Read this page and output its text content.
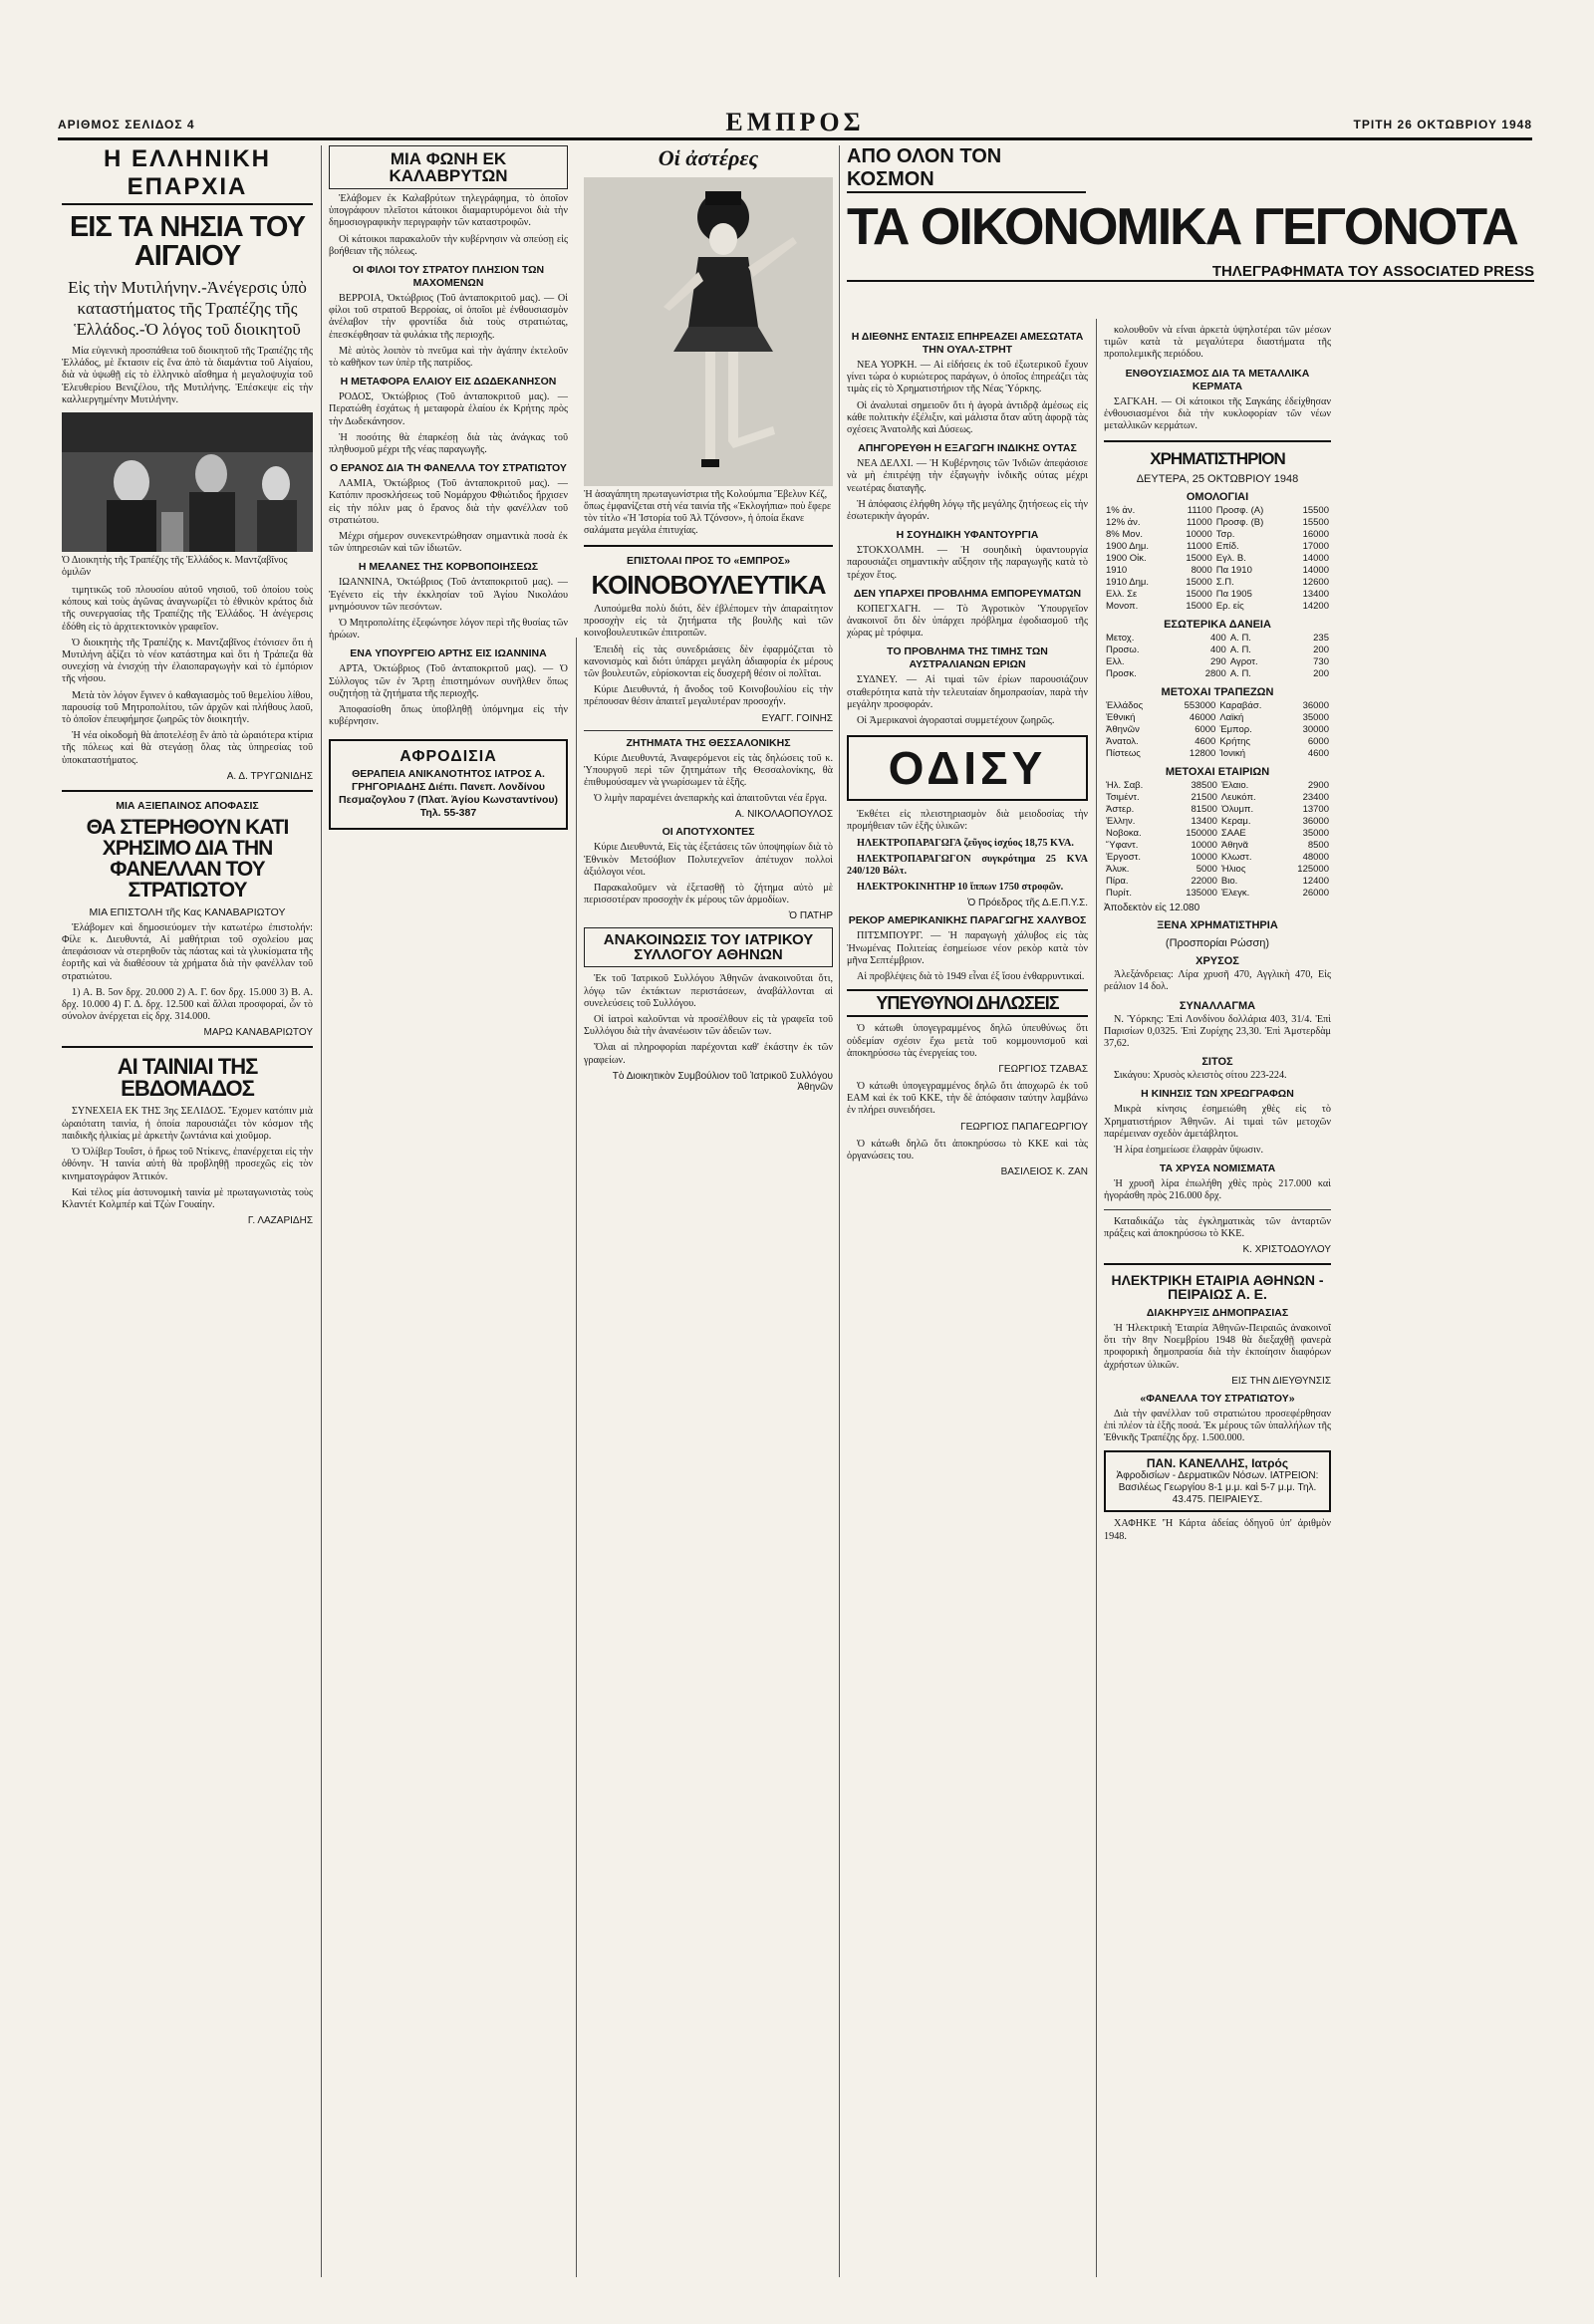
ΑΡΙΘΜΟΣ ΣΕΛΙΔΟΣ 4	ΕΜΠΡΟΣ	ΤΡΙΤΗ 26 ΟΚΤΩΒΡΙΟΥ 1948
Η ΕΛΛΗΝΙΚΗ ΕΠΑΡΧΙΑ
ΕΙΣ ΤΑ ΝΗΣΙΑ ΤΟΥ ΑΙΓΑΙΟΥ
Εἰς τὴν Μυτιλήνην.-Ἀνέγερσις ὑπὸ καταστήματος τῆς Τραπέζης τῆς Ἑλλάδος.-Ὁ λόγος τοῦ διοικητοῦ

Μία εὐγενικὴ προσπάθεια τοῦ διοικητοῦ τῆς Τραπέζης τῆς Ἑλλάδος, μὲ ἔκτασιν εἰς ἕνα ἀπὸ τὰ διαμάντια τοῦ Αἰγαίου, διὰ νὰ ὑψωθῇ εἰς τὸ ἑλληνικὸ αἴσθημα ἡ μεγαλοψυχία τοῦ Ἐλευθερίου Βενιζέλου, τῆς Μυτιλήνης. Ἐπέσκεψε εἰς τὴν καλλιεργημένην Μυτιλήνην.

Ὁ Διοικητὴς τῆς Τραπέζης τῆς Ἑλλάδος κ. Μαντζαβῖνος ὁμιλῶν

τιμητικῶς τοῦ πλουσίου αὐτοῦ νησιοῦ, τοῦ ὁποίου τοὺς κόπους καὶ τοὺς ἀγῶνας ἀναγνωρίζει τὸ ἐθνικὸν κράτος διὰ τῆς συνεργασίας τῆς Τραπέζης τῆς Ἑλλάδος. Ἡ ἀνέγερσις ἐδόθη εἰς τὸ ἀρχιτεκτονικὸν γραφεῖον.

Ὁ διοικητὴς τῆς Τραπέζης κ. Μαντζαβῖνος ἐτόνισεν ὅτι ἡ Μυτιλήνη ἀξίζει τὸ νέον κατάστημα καὶ ὅτι ἡ Τράπεζα θὰ συνεχίσῃ νὰ ἐνισχύῃ τὴν ἐλαιοπαραγωγὴν καὶ τὸ ἐμπόριον τῆς νήσου.

Μετὰ τὸν λόγον ἔγινεν ὁ καθαγιασμὸς τοῦ θεμελίου λίθου, παρουσίᾳ τοῦ Μητροπολίτου, τῶν ἀρχῶν καὶ πλήθους λαοῦ, τὸ ὁποῖον ἐπευφήμησε ζωηρῶς τὸν διοικητήν.

Ἡ νέα οἰκοδομὴ θὰ ἀποτελέσῃ ἓν ἀπὸ τὰ ὡραιότερα κτίρια τῆς πόλεως καὶ θὰ στεγάσῃ ὅλας τὰς ὑπηρεσίας τοῦ ὑποκαταστήματος.

Α. Δ. ΤΡΥΓΩΝΙΔΗΣ
ΜΙΑ ΑΞΙΕΠΑΙΝΟΣ ΑΠΟΦΑΣΙΣ
ΘΑ ΣΤΕΡΗΘΟΥΝ ΚΑΤΙ ΧΡΗΣΙΜΟ ΔΙΑ ΤΗΝ ΦΑΝΕΛΛΑΝ ΤΟΥ ΣΤΡΑΤΙΩΤΟΥ
ΜΙΑ ΕΠΙΣΤΟΛΗ τῆς Κας ΚΑΝΑΒΑΡΙΩΤΟΥ

Ἐλάβομεν καὶ δημοσιεύομεν τὴν κατωτέρω ἐπιστολήν: Φίλε κ. Διευθυντά, Αἱ μαθήτριαι τοῦ σχολείου μας ἀπεφάσισαν νὰ στερηθοῦν τὰς πάστας καὶ τὰ γλυκίσματα τῆς ἑορτῆς καὶ νὰ διαθέσουν τὰ χρήματα διὰ τὴν φανέλλαν τοῦ στρατιώτου.

1) Α. Β. 5ον δρχ. 20.000 2) Α. Γ. 6ον δρχ. 15.000 3) Β. Α. δρχ. 10.000 4) Γ. Δ. δρχ. 12.500 καὶ ἄλλαι προσφοραί, ὧν τὸ σύνολον ἀνέρχεται εἰς δρχ. 314.000.

ΜΑΡΩ ΚΑΝΑΒΑΡΙΩΤΟΥ
ΑΙ ΤΑΙΝΙΑΙ ΤΗΣ ΕΒΔΟΜΑΔΟΣ

ΣΥΝΕΧΕΙΑ ΕΚ ΤΗΣ 3ης ΣΕΛΙΔΟΣ. Ἔχομεν κατόπιν μιὰ ὡραιότατη ταινία, ἡ ὁποία παρουσιάζει τὸν κόσμον τῆς παιδικῆς ἡλικίας μὲ ἀρκετὴν ζωντάνια καὶ χιοῦμορ.

Ὁ Ὀλίβερ Τουΐστ, ὁ ἥρως τοῦ Ντίκενς, ἐπανέρχεται εἰς τὴν ὀθόνην. Ἡ ταινία αὐτὴ θὰ προβληθῇ προσεχῶς εἰς τὸν κινηματογράφον Ἀττικόν.

Καὶ τέλος μία ἀστυνομικὴ ταινία μὲ πρωταγωνιστὰς τοὺς Κλαντέτ Κολμπέρ καὶ Τζὼν Γουαίην.

Γ. ΛΑΖΑΡΙΔΗΣ
ΜΙΑ ΦΩΝΗ ΕΚ ΚΑΛΑΒΡΥΤΩΝ

Ἐλάβομεν ἐκ Καλαβρύτων τηλεγράφημα, τὸ ὁποῖον ὑπογράφουν πλεῖστοι κάτοικοι διαμαρτυρόμενοι διὰ τὴν δημοσιογραφικὴν περιγραφὴν τῶν καταστροφῶν.

Οἱ κάτοικοι παρακαλοῦν τὴν κυβέρνησιν νὰ σπεύσῃ εἰς βοήθειαν τῆς πόλεως.

ΟΙ ΦΙΛΟΙ ΤΟΥ ΣΤΡΑΤΟΥ ΠΛΗΣΙΟΝ ΤΩΝ ΜΑΧΟΜΕΝΩΝ

ΒΕΡΡΟΙΑ, Ὀκτώβριος (Τοῦ ἀνταποκριτοῦ μας). — Οἱ φίλοι τοῦ στρατοῦ Βερροίας, οἱ ὁποῖοι μὲ ἐνθουσιασμὸν ἀνέλαβον τὴν φροντίδα διὰ τοὺς στρατιώτας, ἐπεσκέφθησαν τὰ φυλάκια τῆς περιοχῆς.

Μὲ αὐτὸς λοιπὸν τὸ πνεῦμα καὶ τὴν ἀγάπην ἐκτελοῦν τὸ καθῆκον των ὑπὲρ τῆς πατρίδος.

Η ΜΕΤΑΦΟΡΑ ΕΛΑΙΟΥ ΕΙΣ ΔΩΔΕΚΑΝΗΣΟΝ

ΡΟΔΟΣ, Ὀκτώβριος (Τοῦ ἀνταποκριτοῦ μας). — Περατώθη ἐσχάτως ἡ μεταφορὰ ἐλαίου ἐκ Κρήτης πρὸς τὴν Δωδεκάνησον.

Ἡ ποσότης θὰ ἐπαρκέσῃ διὰ τὰς ἀνάγκας τοῦ πληθυσμοῦ μέχρι τῆς νέας παραγωγῆς.

Ο ΕΡΑΝΟΣ ΔΙΑ ΤΗ ΦΑΝΕΛΛΑ ΤΟΥ ΣΤΡΑΤΙΩΤΟΥ

ΛΑΜΙΑ, Ὀκτώβριος (Τοῦ ἀνταποκριτοῦ μας). — Κατόπιν προσκλήσεως τοῦ Νομάρχου Φθιώτιδος ἤρχισεν εἰς τὴν πόλιν μας ὁ ἔρανος διὰ τὴν φανέλλαν τοῦ στρατιώτου.

Μέχρι σήμερον συνεκεντρώθησαν σημαντικὰ ποσὰ ἐκ τῶν ὑπηρεσιῶν καὶ τῶν ἰδιωτῶν.

Η ΜΕΛΑΝΕΣ ΤΗΣ ΚΟΡΒΟΠΟΙΗΣΕΩΣ

ΙΩΑΝΝΙΝΑ, Ὀκτώβριος (Τοῦ ἀνταποκριτοῦ μας). — Ἐγένετο εἰς τὴν ἐκκλησίαν τοῦ Ἁγίου Νικολάου μνημόσυνον τῶν πεσόντων.

Ὁ Μητροπολίτης ἐξεφώνησε λόγον περὶ τῆς θυσίας τῶν ἡρώων.

ΕΝΑ ΥΠΟΥΡΓΕΙΟ ΑΡΤΗΣ ΕΙΣ ΙΩΑΝΝΙΝΑ

ΑΡΤΑ, Ὀκτώβριος (Τοῦ ἀνταποκριτοῦ μας). — Ὁ Σύλλογος τῶν ἐν Ἄρτῃ ἐπιστημόνων συνῆλθεν ὅπως συζητήσῃ τὰ ζητήματα τῆς περιοχῆς.

Ἀποφασίσθη ὅπως ὑποβληθῇ ὑπόμνημα εἰς τὴν κυβέρνησιν.

ΑΦΡΟΔΙΣΙΑ
ΘΕΡΑΠΕΙΑ ΑΝΙΚΑΝΟΤΗΤΟΣ ΙΑΤΡΟΣ Α. ΓΡΗΓΟΡΙΑΔΗΣ Διέπι. Πανεπ. Λονδίνου Πεσμαζογλου 7 (Πλατ. Ἁγίου Κωνσταντίνου) Τηλ. 55-387
Οἱ ἀστέρες
Ἡ ἀσαγάπητη πρωταγωνίστρια τῆς Κολούμπια Ἔβελυν Κέζ, ὅπως ἐμφανίζεται στὴ νέα ταινία τῆς «Ἐκλογήπια» ποὺ ἔφερε τὸν τίτλο «Ἡ Ἱστορία τοῦ Ἀλ Τζόνσον», ἡ ὁποία ἔκανε σαλάματα μεγάλα ἐπιτυχίας.
ΕΠΙΣΤΟΛΑΙ ΠΡΟΣ ΤΟ «ΕΜΠΡΟΣ»
ΚΟΙΝΟΒΟΥΛΕΥΤΙΚΑ

Λυπούμεθα πολὺ διότι, δὲν ἐβλέπομεν τὴν ἀπαραίτητον προσοχὴν εἰς τὰ ζητήματα τῆς βουλῆς καὶ τῶν κοινοβουλευτικῶν ἐπιτροπῶν.

Ἐπειδὴ εἰς τὰς συνεδριάσεις δὲν ἐφαρμόζεται τὸ κανονισμὸς καὶ διότι ὑπάρχει μεγάλη ἀδιαφορία ἐκ μέρους τῶν βουλευτῶν, εὑρίσκονται εἰς δυσχερῆ θέσιν οἱ πολῖται.

Κύριε Διευθυντά, ἡ ἄνοδος τοῦ Κοινοβουλίου εἰς τὴν πρέπουσαν θέσιν ἀπαιτεῖ μεγαλυτέραν προσοχήν.

ΕΥΑΓΓ. ΓΟΙΝΗΣ
ΖΗΤΗΜΑΤΑ ΤΗΣ ΘΕΣΣΑΛΟΝΙΚΗΣ

Κύριε Διευθυντά, Ἀναφερόμενοι εἰς τὰς δηλώσεις τοῦ κ. Ὑπουργοῦ περὶ τῶν ζητημάτων τῆς Θεσσαλονίκης, θὰ ἐπιθυμούσαμεν νὰ γνωρίσωμεν τὰ ἑξῆς.

Ὁ λιμὴν παραμένει ἀνεπαρκὴς καὶ ἀπαιτοῦνται νέα ἔργα.

Α. ΝΙΚΟΛΑΟΠΟΥΛΟΣ
ΟΙ ΑΠΟΤΥΧΟΝΤΕΣ

Κύριε Διευθυντά, Εἰς τὰς ἐξετάσεις τῶν ὑποψηφίων διὰ τὸ Ἐθνικὸν Μετσόβιον Πολυτεχνεῖον ἀπέτυχον πολλοὶ ἀξιόλογοι νέοι.

Παρακαλοῦμεν νὰ ἐξετασθῇ τὸ ζήτημα αὐτὸ μὲ περισσοτέραν προσοχὴν ἐκ μέρους τῶν ἁρμοδίων.

Ὁ ΠΑΤΗΡ
ΑΝΑΚΟΙΝΩΣΙΣ ΤΟΥ ΙΑΤΡΙΚΟΥ ΣΥΛΛΟΓΟΥ ΑΘΗΝΩΝ

Ἐκ τοῦ Ἰατρικοῦ Συλλόγου Ἀθηνῶν ἀνακοινοῦται ὅτι, λόγῳ τῶν ἐκτάκτων περιστάσεων, ἀναβάλλονται αἱ συνελεύσεις τοῦ Συλλόγου.

Οἱ ἰατροὶ καλοῦνται νὰ προσέλθουν εἰς τὰ γραφεῖα τοῦ Συλλόγου διὰ τὴν ἀνανέωσιν τῶν ἀδειῶν των.

Ὅλαι αἱ πληροφορίαι παρέχονται καθ' ἑκάστην ἐκ τῶν γραφείων.

Τὸ Διοικητικὸν Συμβούλιον τοῦ Ἰατρικοῦ Συλλόγου Ἀθηνῶν
ΑΠΟ ΟΛΟΝ ΤΟΝ ΚΟΣΜΟΝ
ΤΑ ΟΙΚΟΝΟΜΙΚΑ ΓΕΓΟΝΟΤΑ
ΤΗΛΕΓΡΑΦΗΜΑΤΑ ΤΟΥ ASSOCIATED PRESS
Η ΔΙΕΘΝΗΣ ΕΝΤΑΣΙΣ ΕΠΗΡΕΑΖΕΙ ΑΜΕΣΩΤΑΤΑ ΤΗΝ ΟΥΑΛ-ΣΤΡΗΤ

ΝΕΑ ΥΟΡΚΗ. — Αἱ εἰδήσεις ἐκ τοῦ ἐξωτερικοῦ ἔχουν γίνει τώρα ὁ κυριώτερος παράγων, ὁ ὁποῖος ἐπηρεάζει τὰς τιμὰς εἰς τὸ Χρηματιστήριον τῆς Νέας Ὑόρκης.

Οἱ ἀναλυταὶ σημειοῦν ὅτι ἡ ἀγορὰ ἀντιδρᾷ ἀμέσως εἰς κάθε πολιτικὴν ἐξέλιξιν, καὶ μάλιστα ὅταν αὕτη ἀφορᾷ τὰς σχέσεις Ἀνατολῆς καὶ Δύσεως.

ΑΠΗΓΟΡΕΥΘΗ Η ΕΞΑΓΩΓΗ ΙΝΔΙΚΗΣ ΟΥΤΑΣ

ΝΕΑ ΔΕΛΧΙ. — Ἡ Κυβέρνησις τῶν Ἰνδιῶν ἀπεφάσισε νὰ μὴ ἐπιτρέψῃ τὴν ἐξαγωγὴν ἱνδικῆς ούτας μέχρι νεωτέρας διαταγῆς.

Ἡ ἀπόφασις ἐλήφθη λόγῳ τῆς μεγάλης ζητήσεως εἰς τὴν ἐσωτερικὴν ἀγοράν.

Η ΣΟΥΗΔΙΚΗ ΥΦΑΝΤΟΥΡΓΙΑ

ΣΤΟΚΧΟΛΜΗ. — Ἡ σουηδικὴ ὑφαντουργία παρουσιάζει σημαντικὴν αὔξησιν τῆς παραγωγῆς κατὰ τὸ τρέχον ἔτος.

ΔΕΝ ΥΠΑΡΧΕΙ ΠΡΟΒΛΗΜΑ ΕΜΠΟΡΕΥΜΑΤΩΝ

ΚΟΠΕΓΧΑΓΗ. — Τὸ Ἀγροτικὸν Ὑπουργεῖον ἀνακοινοῖ ὅτι δὲν ὑπάρχει πρόβλημα ἐφοδιασμοῦ τῆς χώρας μὲ τρόφιμα.

ΤΟ ΠΡΟΒΛΗΜΑ ΤΗΣ ΤΙΜΗΣ ΤΩΝ ΑΥΣΤΡΑΛΙΑΝΩΝ ΕΡΙΩΝ

ΣΥΔΝΕΥ. — Αἱ τιμαὶ τῶν ἐρίων παρουσιάζουν σταθερότητα κατὰ τὴν τελευταίαν δημοπρασίαν, παρὰ τὴν μεγάλην προσφοράν.

Οἱ Ἀμερικανοὶ ἀγορασταὶ συμμετέχουν ζωηρῶς.

ΟΔΙΣΥ

Ἐκθέτει εἰς πλειστηριασμὸν διὰ μειοδοσίας τὴν προμήθειαν τῶν ἑξῆς ὑλικῶν:

ΗΛΕΚΤΡΟΠΑΡΑΓΩΓΑ ζεῦγος ἰσχύος 18,75 ΚVA.

ΗΛΕΚΤΡΟΠΑΡΑΓΩΓΟΝ συγκρότημα 25 ΚVA 240/120 Βόλτ.

ΗΛΕΚΤΡΟΚΙΝΗΤΗΡ 10 ἵππων 1750 στροφῶν.

Ὁ Πρόεδρος τῆς Δ.Ε.Π.Υ.Σ.
ΡΕΚΟΡ ΑΜΕΡΙΚΑΝΙΚΗΣ ΠΑΡΑΓΩΓΗΣ ΧΑΛΥΒΟΣ

ΠΙΤΣΜΠΟΥΡΓ. — Ἡ παραγωγὴ χάλυβος εἰς τὰς Ἡνωμένας Πολιτείας ἐσημείωσε νέον ρεκὸρ κατὰ τὸν μῆνα Σεπτέμβριον.

Αἱ προβλέψεις διὰ τὸ 1949 εἶναι ἐξ ἴσου ἐνθαρρυντικαί.

ΥΠΕΥΘΥΝΟΙ ΔΗΛΩΣΕΙΣ

Ὁ κάτωθι ὑπογεγραμμένος δηλῶ ὑπευθύνως ὅτι οὐδεμίαν σχέσιν ἔχω μετὰ τοῦ κομμουνισμοῦ καὶ ἀποκηρύσσω τὰς ἐνεργείας του.

ΓΕΩΡΓΙΟΣ ΤΖΑΒΑΣ

Ὁ κάτωθι ὑπογεγραμμένος δηλῶ ὅτι ἀποχωρῶ ἐκ τοῦ ΕΑΜ καὶ ἐκ τοῦ ΚΚΕ, τὴν δὲ ἀπόφασιν ταύτην λαμβάνω ἐν πλήρει συνειδήσει.

ΓΕΩΡΓΙΟΣ ΠΑΠΑΓΕΩΡΓΙΟΥ

Ὁ κάτωθι δηλῶ ὅτι ἀποκηρύσσω τὸ ΚΚΕ καὶ τὰς ὀργανώσεις του.

ΒΑΣΙΛΕΙΟΣ Κ. ΖΑΝ

κολουθοῦν νὰ εἶναι ἀρκετὰ ὑψηλοτέραι τῶν μέσων τιμῶν κατὰ τὰ μεγαλύτερα διαστήματα τῆς προπολεμικῆς περιόδου.

ΕΝΘΟΥΣΙΑΣΜΟΣ ΔΙΑ ΤΑ ΜΕΤΑΛΛΙΚΑ ΚΕΡΜΑΤΑ

ΣΑΓΚΑΗ. — Οἱ κάτοικοι τῆς Σαγκάης ἐδείχθησαν ἐνθουσιασμένοι διὰ τὴν κυκλοφορίαν τῶν νέων μεταλλικῶν κερμάτων.

ΧΡΗΜΑΤΙΣΤΗΡΙΟΝ
ΔΕΥΤΕΡΑ, 25 ΟΚΤΩΒΡΙΟΥ 1948
ΟΜΟΛΟΓΙΑΙ
1% ἀν.	11100	Προσφ. (Α)	15500
12% ἀν.	11000	Προσφ. (Β)	15500
8% Μον.	10000	Τσρ.	16000
1900 Δημ.	11000	Επίδ.	17000
1900 Οἰκ.	15000	Εγλ. Β.	14000
1910	8000	Πα 1910	14000
1910 Δημ.	15000	Σ.Π.	12600
Ελλ. Σε	15000	Πα 1905	13400
Μονοπ.	15000	Ερ. εἰς	14200
ΕΣΩΤΕΡΙΚΑ ΔΑΝΕΙΑ
Μετοχ.	400	Α. Π.	235
Προσω.	400	Α. Π.	200
Ελλ.	290	Αγροτ.	730
Προσκ.	2800	Α. Π.	200
ΜΕΤΟΧΑΙ ΤΡΑΠΕΖΩΝ
Ἑλλάδος	553000	Καραβάσ.	36000
Ἐθνική	46000	Λαϊκή	35000
Ἀθηνῶν	6000	Ἐμπορ.	30000
Ἀνατολ.	4600	Κρήτης	6000
Πίστεως	12800	Ἰονική	4600
ΜΕΤΟΧΑΙ ΕΤΑΙΡΙΩΝ
Ἠλ. Σαβ.	38500	Ἐλαιο.	2900
Τσιμέντ.	21500	Λευκόπ.	23400
Ἀστερ.	81500	Ὀλυμπ.	13700
Ἐλλην.	13400	Κεραμ.	36000
Νοβοκα.	150000	ΣΑΑΕ	35000
Ὕφαντ.	10000	Ἀθηνᾶ	8500
Ἐργοστ.	10000	Κλωστ.	48000
Ἀλυκ.	5000	Ἡλιος	125000
Πίρα.	22000	Βιο.	12400
Πυρίτ.	135000	Ἐλεγκ.	26000
Ἀποδεκτὸν εἰς 12.080
ΞΕΝΑ ΧΡΗΜΑΤΙΣΤΗΡΙΑ
(Προσπορίαι Ρώσση)
ΧΡΥΣΟΣ

Ἀλεξάνδρειας: Λίρα χρυσῆ 470, Αγγλικὴ 470, Εἰς ρεάλιον 14 δολ.

ΣΥΝΑΛΛΑΓΜΑ

Ν. Ὑόρκης: Ἐπὶ Λονδίνου δολλάρια 403, 31/4. Ἐπὶ Παρισίων 0,0325. Ἐπὶ Ζυρίχης 23,30. Ἐπὶ Ἀμστερδὰμ 37,62.

ΣΙΤΟΣ

Σικάγου: Χρυσὸς κλειστὸς σίτου 223-224.

Η ΚΙΝΗΣΙΣ ΤΩΝ ΧΡΕΩΓΡΑΦΩΝ

Μικρὰ κίνησις ἐσημειώθη χθὲς εἰς τὸ Χρηματιστήριον Ἀθηνῶν. Αἱ τιμαὶ τῶν μετοχῶν παρέμειναν σχεδὸν ἀμετάβλητοι.

Ἡ λίρα ἐσημείωσε ἐλαφρὰν ὕψωσιν.

ΤΑ ΧΡΥΣΑ ΝΟΜΙΣΜΑΤΑ

Ἡ χρυσῆ λίρα ἐπωλήθη χθὲς πρὸς 217.000 καὶ ἠγοράσθη πρὸς 216.000 δρχ.

Καταδικάζω τὰς ἐγκληματικὰς τῶν ἀνταρτῶν πράξεις καὶ ἀποκηρύσσω τὸ ΚΚΕ.

Κ. ΧΡΙΣΤΟΔΟΥΛΟΥ
ΗΛΕΚΤΡΙΚΗ ΕΤΑΙΡΙΑ ΑΘΗΝΩΝ - ΠΕΙΡΑΙΩΣ Α. Ε.
ΔΙΑΚΗΡΥΞΙΣ ΔΗΜΟΠΡΑΣΙΑΣ

Ἡ Ἠλεκτρικὴ Ἑταιρία Ἀθηνῶν-Πειραιῶς ἀνακοινοῖ ὅτι τὴν 8ην Νοεμβρίου 1948 θὰ διεξαχθῇ φανερὰ προφορικὴ δημοπρασία διὰ τὴν ἐκποίησιν διαφόρων ἀχρήστων ὑλικῶν.

ΕΙΣ ΤΗΝ ΔΙΕΥΘΥΝΣΙΣ
«ΦΑΝΕΛΛΑ ΤΟΥ ΣΤΡΑΤΙΩΤΟΥ»

Διὰ τὴν φανέλλαν τοῦ στρατιώτου προσεφέρθησαν ἐπὶ πλέον τὰ ἑξῆς ποσά. Ἐκ μέρους τῶν ὑπαλλήλων τῆς Ἐθνικῆς Τραπέζης δρχ. 1.500.000.

ΠΑΝ. ΚΑΝΕΛΛΗΣ, Ιατρός
Ἀφροδισίων - Δερματικῶν Νόσων. ΙΑΤΡΕΙΟΝ: Βασιλέως Γεωργίου 8-1 μ.μ. καὶ 5-7 μ.μ. Τηλ. 43.475. ΠΕΙΡΑΙΕΥΣ.

ΧΑΦΗΚΕ 'Ἡ Κάρτα ἀδείας ὁδηγοῦ ὑπ' ἀριθμὸν 1948.
